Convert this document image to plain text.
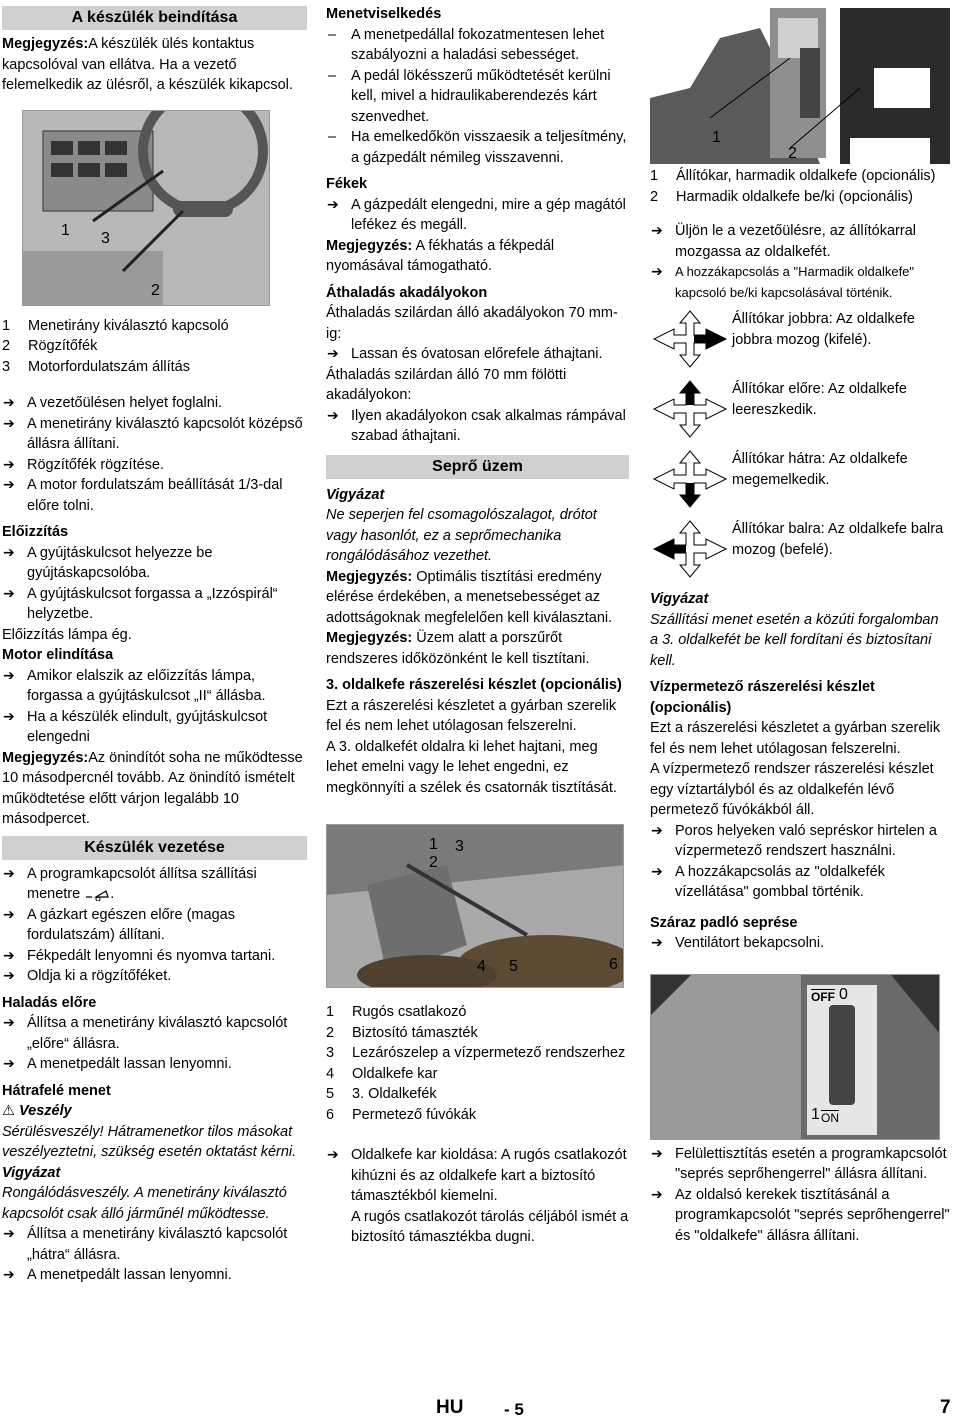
A készülék beindítása

Megjegyzés:A készülék ülés kontaktus kapcsolóval van ellátva. Ha a vezető felemelkedik az ülésről, a készülék kikapcsol.

1 3
2

1	Menetirány kiválasztó kapcsoló

2	Rögzítőfék

3	Motorfordulatszám állítás

➔ A vezetőülésen helyet foglalni.

➔ A menetirány kiválasztó kapcsolót középső állásra állítani.

➔ Rögzítőfék rögzítése.

➔ A motor fordulatszám beállítását 1/3-dal előre tolni.

Előizzítás

➔ A gyújtáskulcsot helyezze be gyújtáskapcsolóba.

➔ A gyújtáskulcsot forgassa a „Izzóspirál“ helyzetbe.

Előizzítás lámpa ég.

Motor elindítása

➔ Amikor elalszik az előizzítás lámpa, forgassa a gyújtáskulcsot „II“ állásba.

➔ Ha a készülék elindult, gyújtáskulcsot elengedni

Megjegyzés:Az önindítót soha ne működtesse 10 másodpercnél tovább. Az önindító ismételt működtetése előtt várjon legalább 10 másodpercet.

Készülék vezetése

➔ A programkapcsolót állítsa szállítási menetre .

➔ A gázkart egészen előre (magas fordulatszám) állítani.

➔ Fékpedált lenyomni és nyomva tartani.

➔ Oldja ki a rögzítőféket.

Haladás előre

➔ Állítsa a menetirány kiválasztó kapcsolót „előre“ állásra.

➔ A menetpedált lassan lenyomni.

Hátrafelé menet

⚠ Veszély

Sérülésveszély! Hátramenetkor tilos másokat veszélyeztetni, szükség esetén oktatást kérni.

Vigyázat

Rongálódásveszély. A menetirány kiválasztó kapcsolót csak álló járműnél működtesse.

➔ Állítsa a menetirány kiválasztó kapcsolót „hátra“ állásra.

➔ A menetpedált lassan lenyomni.

Menetviselkedés

– A menetpedállal fokozatmentesen lehet szabályozni a haladási sebességet.

– A pedál lökésszerű működtetését kerülni kell, mivel a hidraulikaberendezés kárt szenvedhet.

– Ha emelkedőkön visszaesik a teljesítmény, a gázpedált némileg visszavenni.

Fékek

➔ A gázpedált elengedni, mire a gép magától lefékez és megáll.

Megjegyzés: A fékhatás a fékpedál nyomásával támogatható.

Áthaladás akadályokon

Áthaladás szilárdan álló akadályokon 70 mm-ig:

➔ Lassan és óvatosan előrefele áthajtani.

Áthaladás szilárdan álló 70 mm fölötti akadályokon:

➔ Ilyen akadályokon csak alkalmas rámpával szabad áthajtani.

Seprő üzem

Vigyázat

Ne seperjen fel csomagolószalagot, drótot vagy hasonlót, ez a seprőmechanika rongálódásához vezethet.

Megjegyzés: Optimális tisztítási eredmény elérése érdekében, a menetsebességet az adottságoknak megfelelően kell kiválasztani.

Megjegyzés: Üzem alatt a porszűrőt rendszeres időközönként le kell tisztítani.

3. oldalkefe rászerelési készlet (opcionális)

Ezt a rászerelési készletet a gyárban szerelik fel és nem lehet utólagosan felszerelni.

A 3. oldalkefét oldalra ki lehet hajtani, meg lehet emelni vagy le lehet engedni, ez megkönnyíti a szélek és csatornák tisztítását.

1 3
2
4 5	6

1	Rugós csatlakozó

2	Biztosító támaszték

3	Lezárószelep a vízpermetező rendszerhez

4	Oldalkefe kar

5	3. Oldalkefék

6	Permetező fúvókák

➔ Oldalkefe kar kioldása: A rugós csatlakozót kihúzni és az oldalkefe kart a biztosító támasztékból kiemelni.

A rugós csatlakozót tárolás céljából ismét a biztosító támasztékba dugni.

1
2

1	Állítókar, harmadik oldalkefe (opcionális)

2	Harmadik oldalkefe be/ki (opcionális)

➔ Üljön le a vezetőülésre, az állítókarral mozgassa az oldalkefét.

➔ A hozzákapcsolás a "Harmadik oldalkefe" kapcsoló be/ki kapcsolásával történik.

Állítókar jobbra: Az oldalkefe jobbra mozog (kifelé).

Állítókar előre: Az oldalkefe leereszkedik.

Állítókar hátra: Az oldalkefe megemelkedik.

Állítókar balra: Az oldalkefe balra mozog (befelé).

Vigyázat

Szállítási menet esetén a közúti forgalomban a 3. oldalkefét be kell fordítani és biztosítani kell.

Vízpermetező rászerelési készlet (opcionális)

Ezt a rászerelési készletet a gyárban szerelik fel és nem lehet utólagosan felszerelni.

A vízpermetező rendszer rászerelési készlet egy víztartályból és az oldalkefén lévő permetező fúvókákból áll.

➔ Poros helyeken való sepréskor hirtelen a vízpermetező rendszert használni.

➔ A hozzákapcsolás az "oldalkefék vízellátása" gombbal történik.

Száraz padló seprése

➔ Ventilátort bekapcsolni.

$\overline{OFF}$ 0
1 $\overline{ON}$

➔ Felülettisztítás esetén a programkapcsolót "seprés seprőhengerrel" állásra állítani.

➔ Az oldalsó kerekek tisztításánál a programkapcsolót "seprés seprőhengerrel" és "oldalkefe" állásra állítani.

HU - 5	7
